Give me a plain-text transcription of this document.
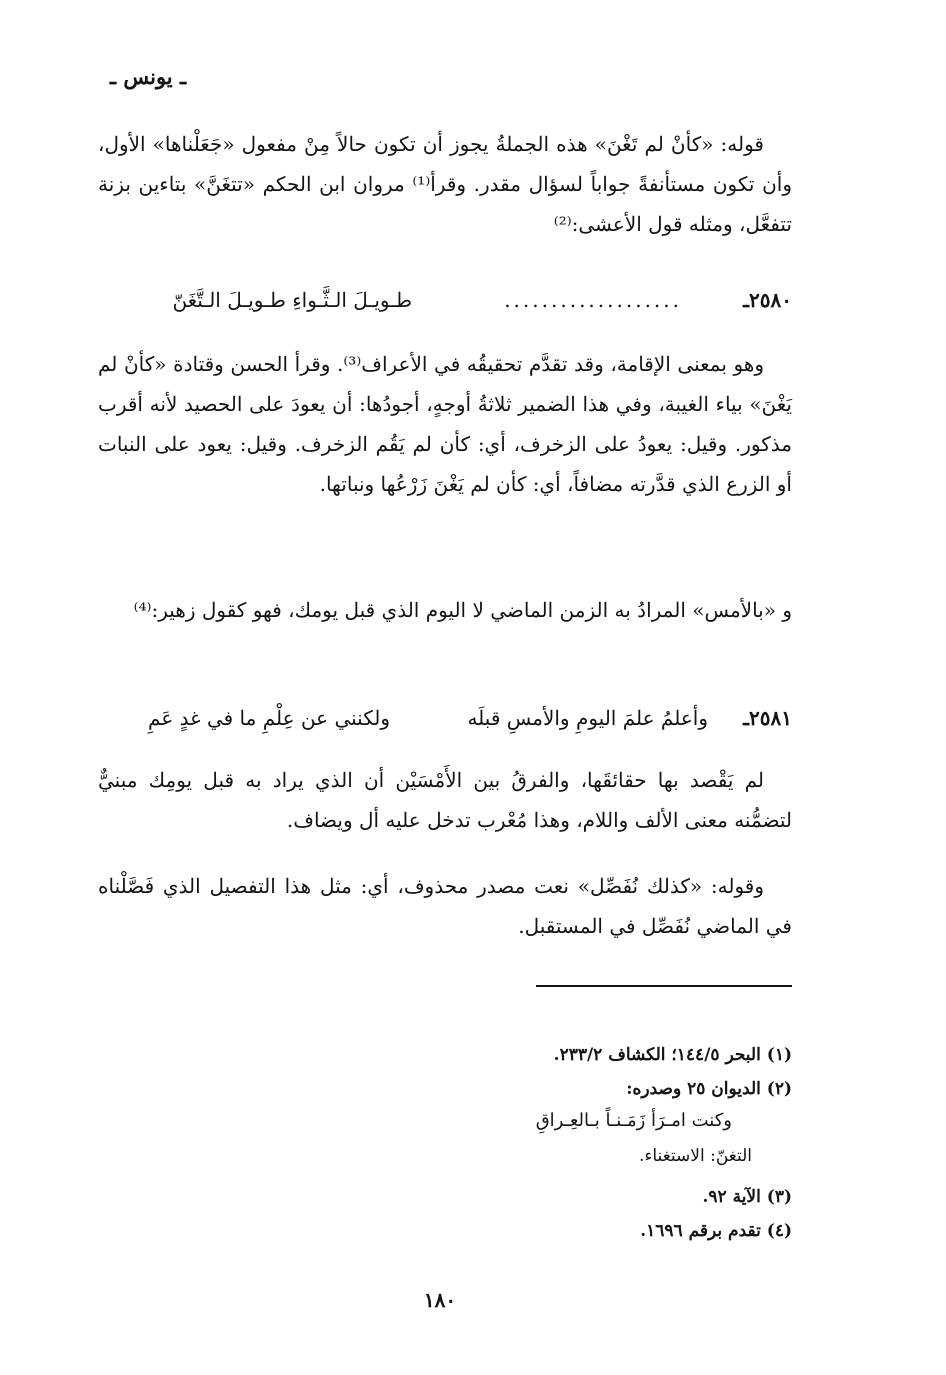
ـ يونس ـ
قوله: «كأنْ لم تَغْنَ» هذه الجملةُ يجوز أن تكون حالاً مِنْ مفعول «جَعَلْناها» الأول، وأن تكون مستأنفةً جواباً لسؤال مقدر. وقرأ⁽¹⁾ مروان ابن الحكم «تتغَنَّ» بتاءين بزنة تتفعَّل، ومثله قول الأعشى:⁽²⁾
٢٥٨٠ـ
طـويـلَ الـثَّـواءِ طـويـلَ الـتَّغَنّ	...................
وهو بمعنى الإقامة، وقد تقدَّم تحقيقُه في الأعراف⁽³⁾. وقرأ الحسن وقتادة «كأنْ لم يَغْنَ» بياء الغيبة، وفي هذا الضمير ثلاثةُ أوجهٍ، أجودُها: أن يعودَ على الحصيد لأنه أقرب مذكور. وقيل: يعودُ على الزخرف، أي: كأن لم يَقُم الزخرف. وقيل: يعود على النبات أو الزرع الذي قدَّرته مضافاً، أي: كأن لم يَغْنَ زَرْعُها ونباتها.
و «بالأمس» المرادُ به الزمن الماضي لا اليوم الذي قبل يومك، فهو كقول زهير:⁽⁴⁾
٢٥٨١ـ
وأعلمُ علمَ اليومِ والأمسِ قبلَه
ولكنني عن عِلْمِ ما في غدٍ عَمِ
لم يَقْصد بها حقائقَها، والفرقُ بين الأَمْسَيْن أن الذي يراد به قبل يومِك مبنيٌّ لتضمُّنه معنى الألف واللام، وهذا مُعْرب تدخل عليه أل ويضاف.
وقوله: «كذلك نُفَصِّل» نعت مصدر محذوف، أي: مثل هذا التفصيل الذي فَصَّلْناه في الماضي نُفَصِّل في المستقبل.
(١) البحر ١٤٤/٥؛ الكشاف ٢٣٣/٢.
(٢) الديوان ٢٥ وصدره:
وكنت امـرَأ زَمَـنـاً بـالعِـراقِ
التغنّ: الاستغناء.
(٣) الآية ٩٢.
(٤) تقدم برقم ١٦٩٦.
١٨٠
